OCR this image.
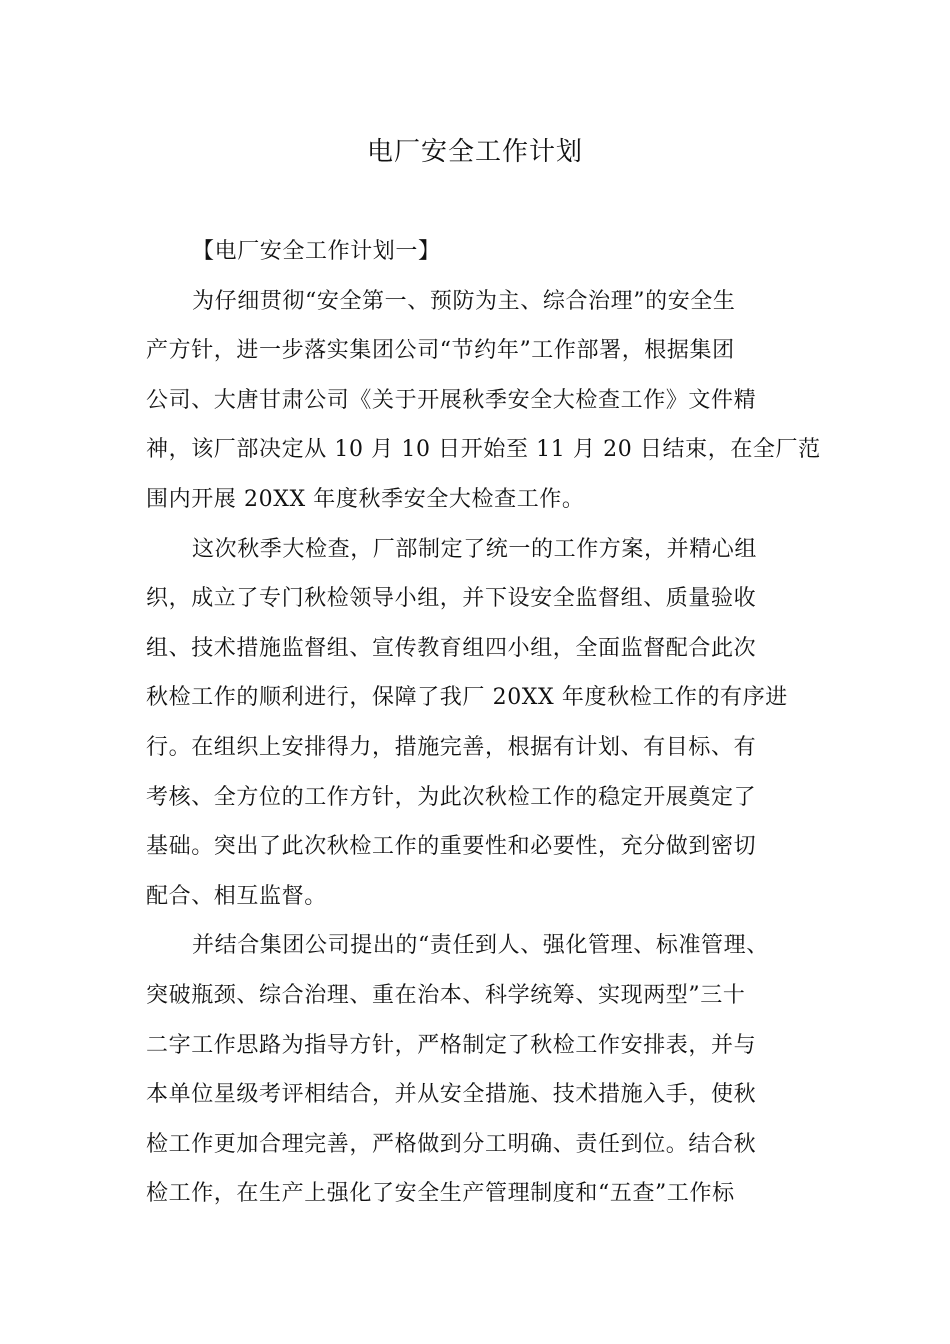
电厂安全工作计划
【电厂安全工作计划一】
为仔细贯彻“安全第一、预防为主、综合治理”的安全生
产方针，进一步落实集团公司“节约年”工作部署，根据集团
公司、大唐甘肃公司《关于开展秋季安全大检查工作》文件精
神，该厂部决定从 10 月 10 日开始至 11 月 20 日结束，在全厂范
围内开展 20XX 年度秋季安全大检查工作。
这次秋季大检查，厂部制定了统一的工作方案，并精心组
织，成立了专门秋检领导小组，并下设安全监督组、质量验收
组、技术措施监督组、宣传教育组四小组，全面监督配合此次
秋检工作的顺利进行，保障了我厂 20XX 年度秋检工作的有序进
行。在组织上安排得力，措施完善，根据有计划、有目标、有
考核、全方位的工作方针，为此次秋检工作的稳定开展奠定了
基础。突出了此次秋检工作的重要性和必要性，充分做到密切
配合、相互监督。
并结合集团公司提出的“责任到人、强化管理、标准管理、
突破瓶颈、综合治理、重在治本、科学统筹、实现两型”三十
二字工作思路为指导方针，严格制定了秋检工作安排表，并与
本单位星级考评相结合，并从安全措施、技术措施入手，使秋
检工作更加合理完善，严格做到分工明确、责任到位。结合秋
检工作，在生产上强化了安全生产管理制度和“五查”工作标
